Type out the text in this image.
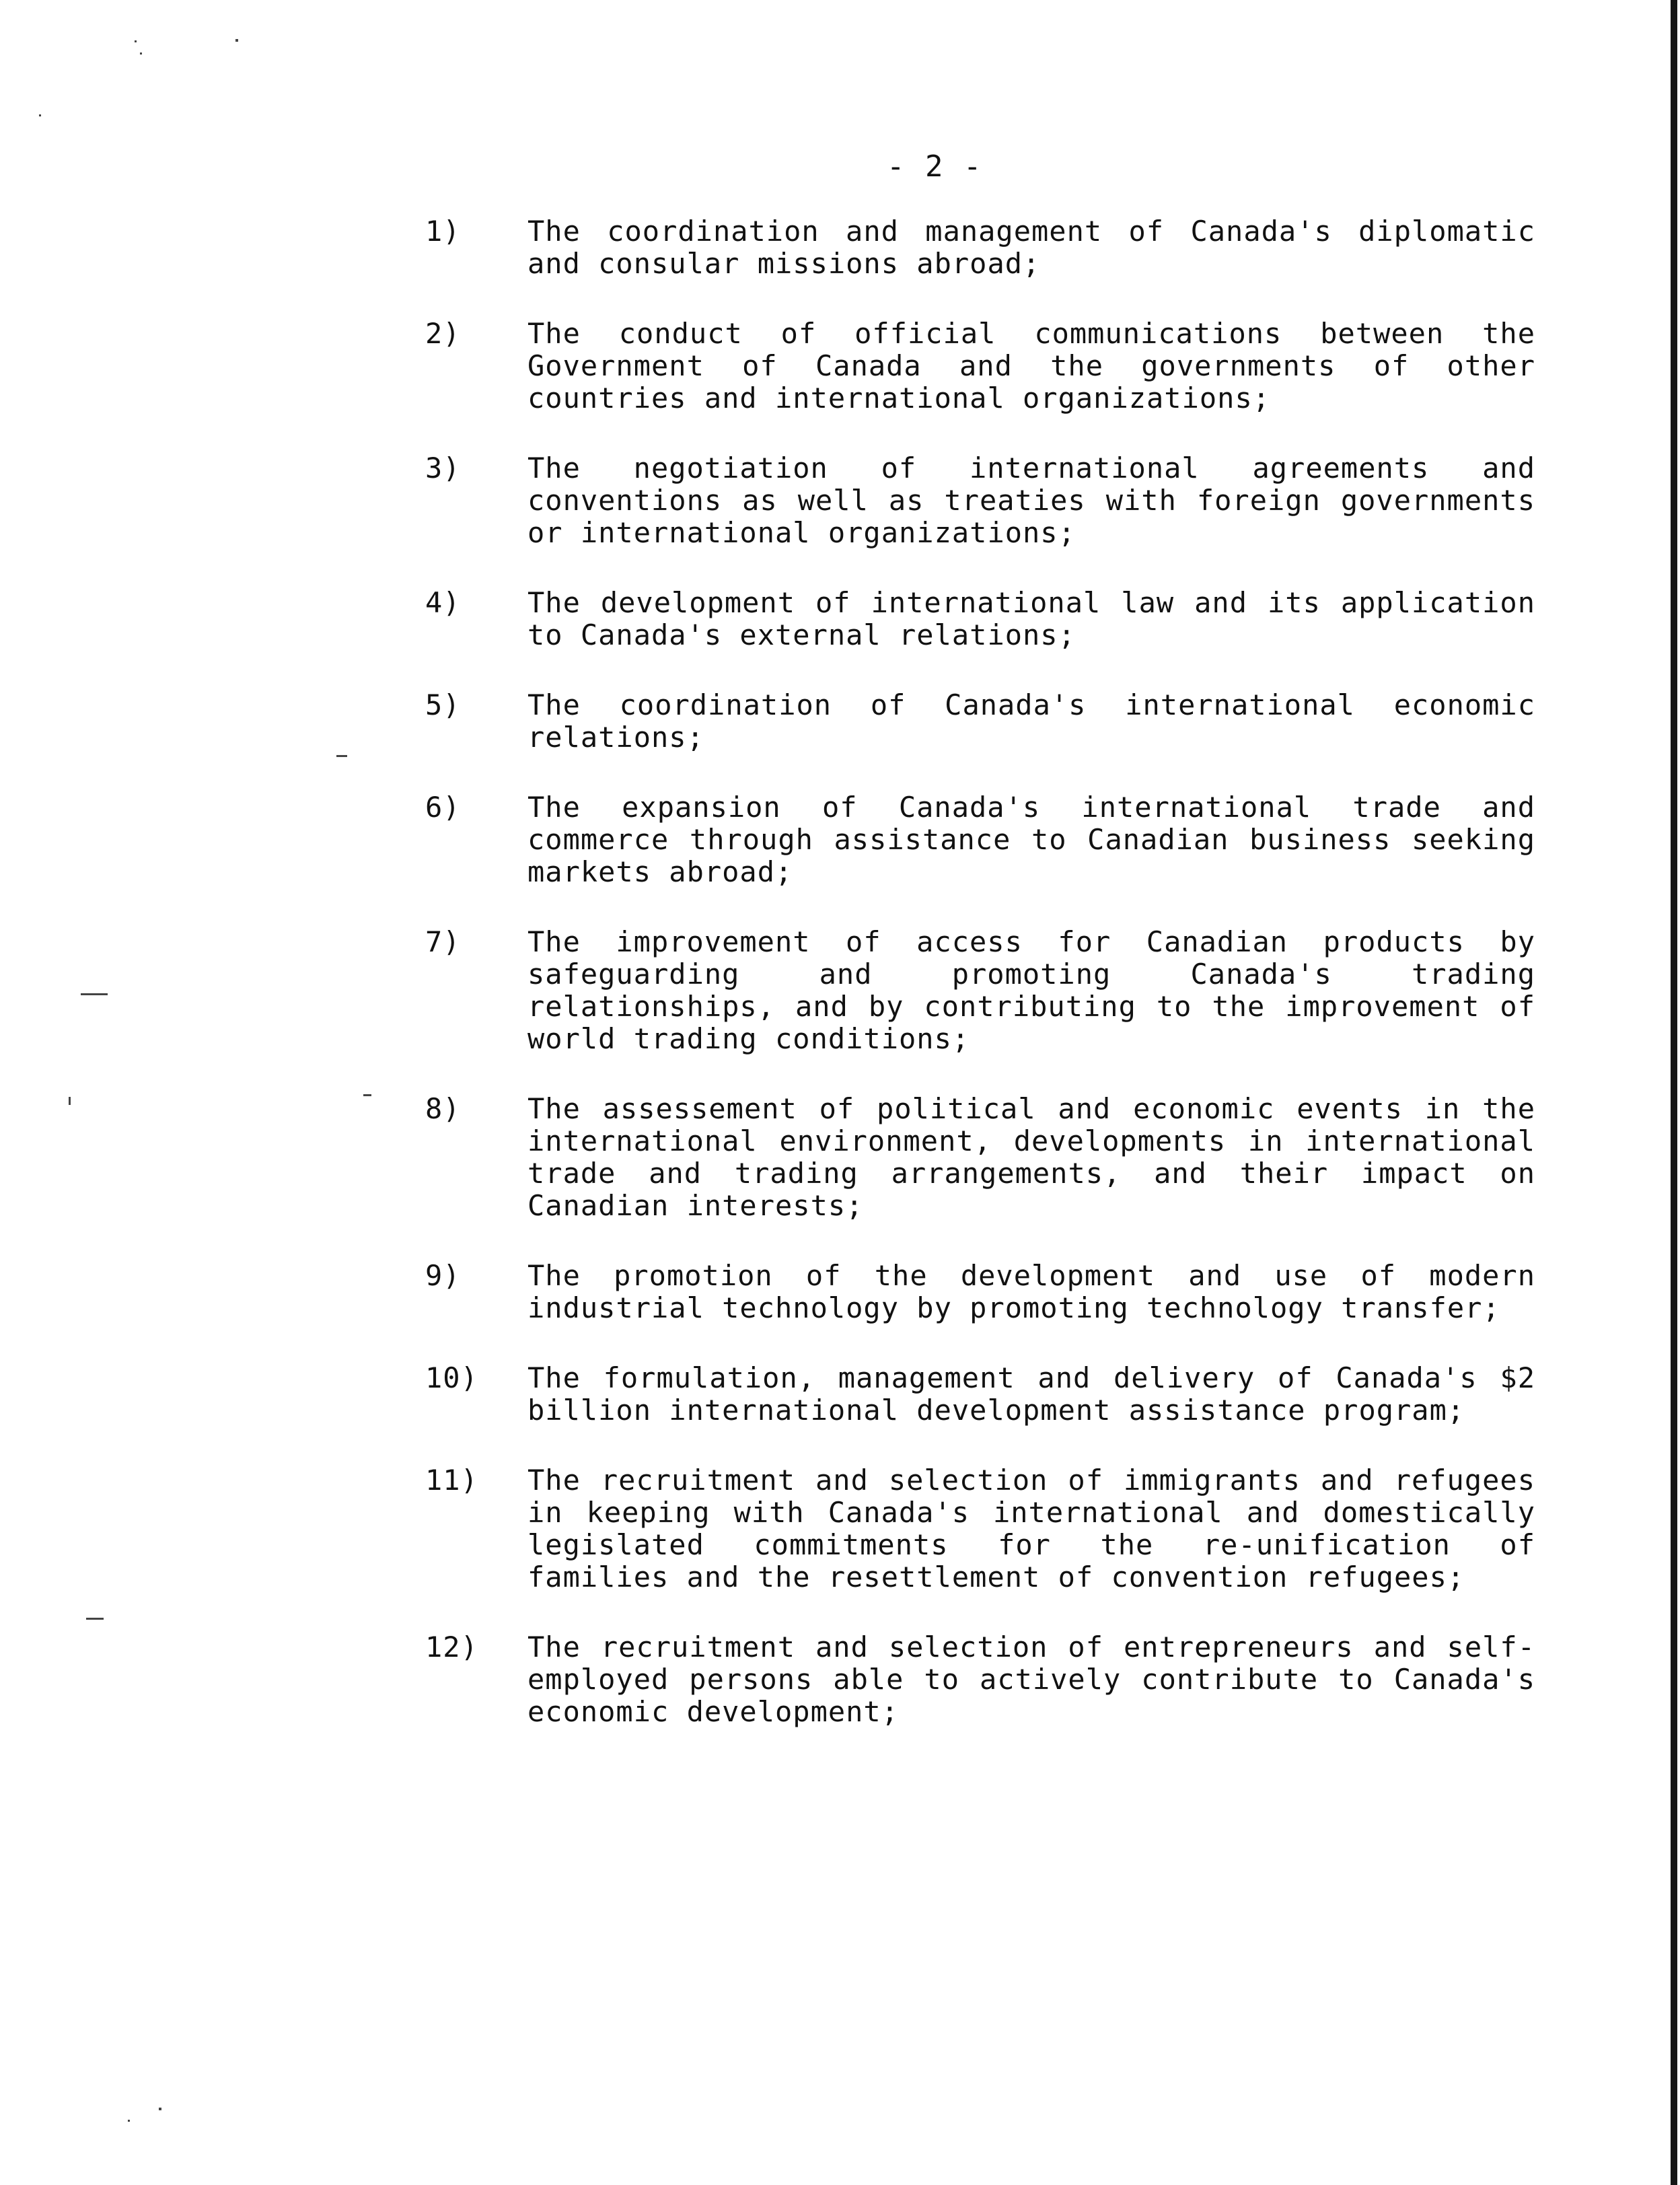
- 2 -
1)	The coordination and management of Canada's diplomatic and consular missions abroad;
2)	The conduct of official communications between the Government of Canada and the governments of other countries and international organizations;
3)	The negotiation of international agreements and conventions as well as treaties with foreign governments or international organizations;
4)	The development of international law and its application to Canada's external relations;
5)	The coordination of Canada's international economic relations;
6)	The expansion of Canada's international trade and commerce through assistance to Canadian business seeking markets abroad;
7)	The improvement of access for Canadian products by safeguarding and promoting Canada's trading relationships, and by contributing to the improvement of world trading conditions;
8)	The assessement of political and economic events in the international environment, developments in international trade and trading arrangements, and their impact on Canadian interests;
9)	The promotion of the development and use of modern industrial technology by promoting technology transfer;
10)	The formulation, management and delivery of Canada's $2 billion international development assistance program;
11)	The recruitment and selection of immigrants and refugees in keeping with Canada's international and domestically legislated commitments for the re-unification of families and the resettlement of convention refugees;
12)	The recruitment and selection of entrepreneurs and self-employed persons able to actively contribute to Canada's economic development;
